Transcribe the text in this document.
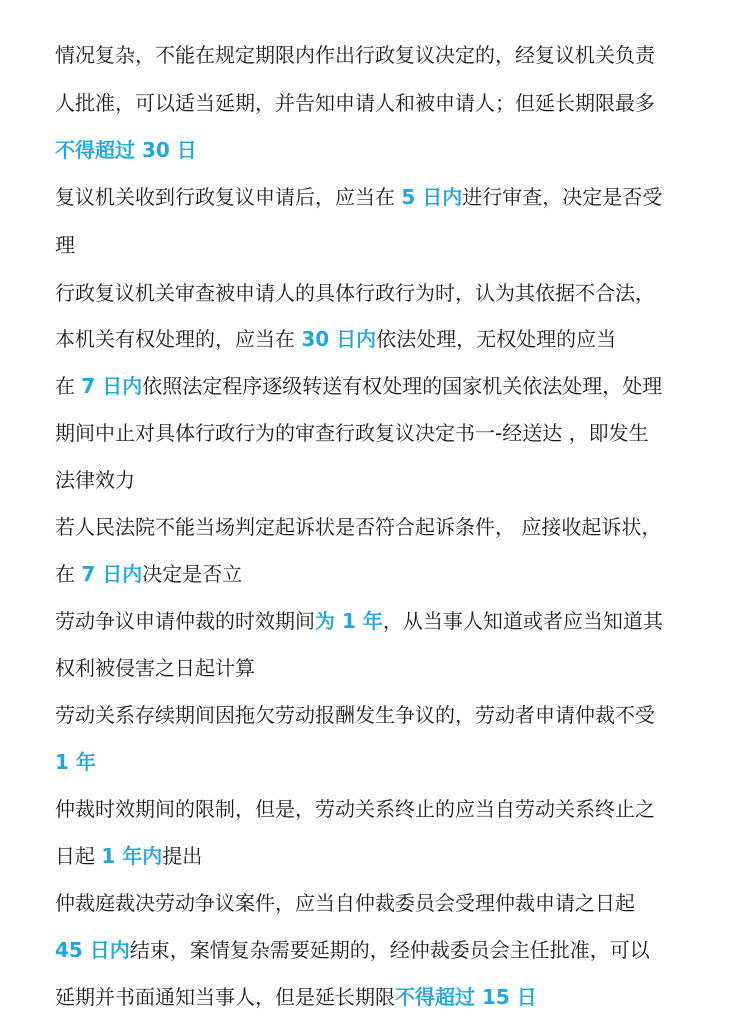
情况复杂，不能在规定期限内作出行政复议决定的，经复议机关负责
人批准，可以适当延期，并告知申请人和被申请人；但延长期限最多
不得超过 30 日
复议机关收到行政复议申请后，应当在 5 日内进行审查，决定是否受
理
行政复议机关审查被申请人的具体行政行为时，认为其依据不合法，
本机关有权处理的，应当在 30 日内依法处理，无权处理的应当
在 7 日内依照法定程序逐级转送有权处理的国家机关依法处理，处理
期间中止对具体行政行为的审查行政复议决定书一-经送达 ，即发生
法律效力
若人民法院不能当场判定起诉状是否符合起诉条件， 应接收起诉状，
在 7 日内决定是否立
劳动争议申请仲裁的时效期间为 1 年，从当事人知道或者应当知道其
权利被侵害之日起计算
劳动关系存续期间因拖欠劳动报酬发生争议的，劳动者申请仲裁不受
1 年
仲裁时效期间的限制，但是，劳动关系终止的应当自劳动关系终止之
日起 1 年内提出
仲裁庭裁决劳动争议案件，应当自仲裁委员会受理仲裁申请之日起
45 日内结束，案情复杂需要延期的，经仲裁委员会主任批准，可以
延期并书面通知当事人，但是延长期限不得超过 15 日
